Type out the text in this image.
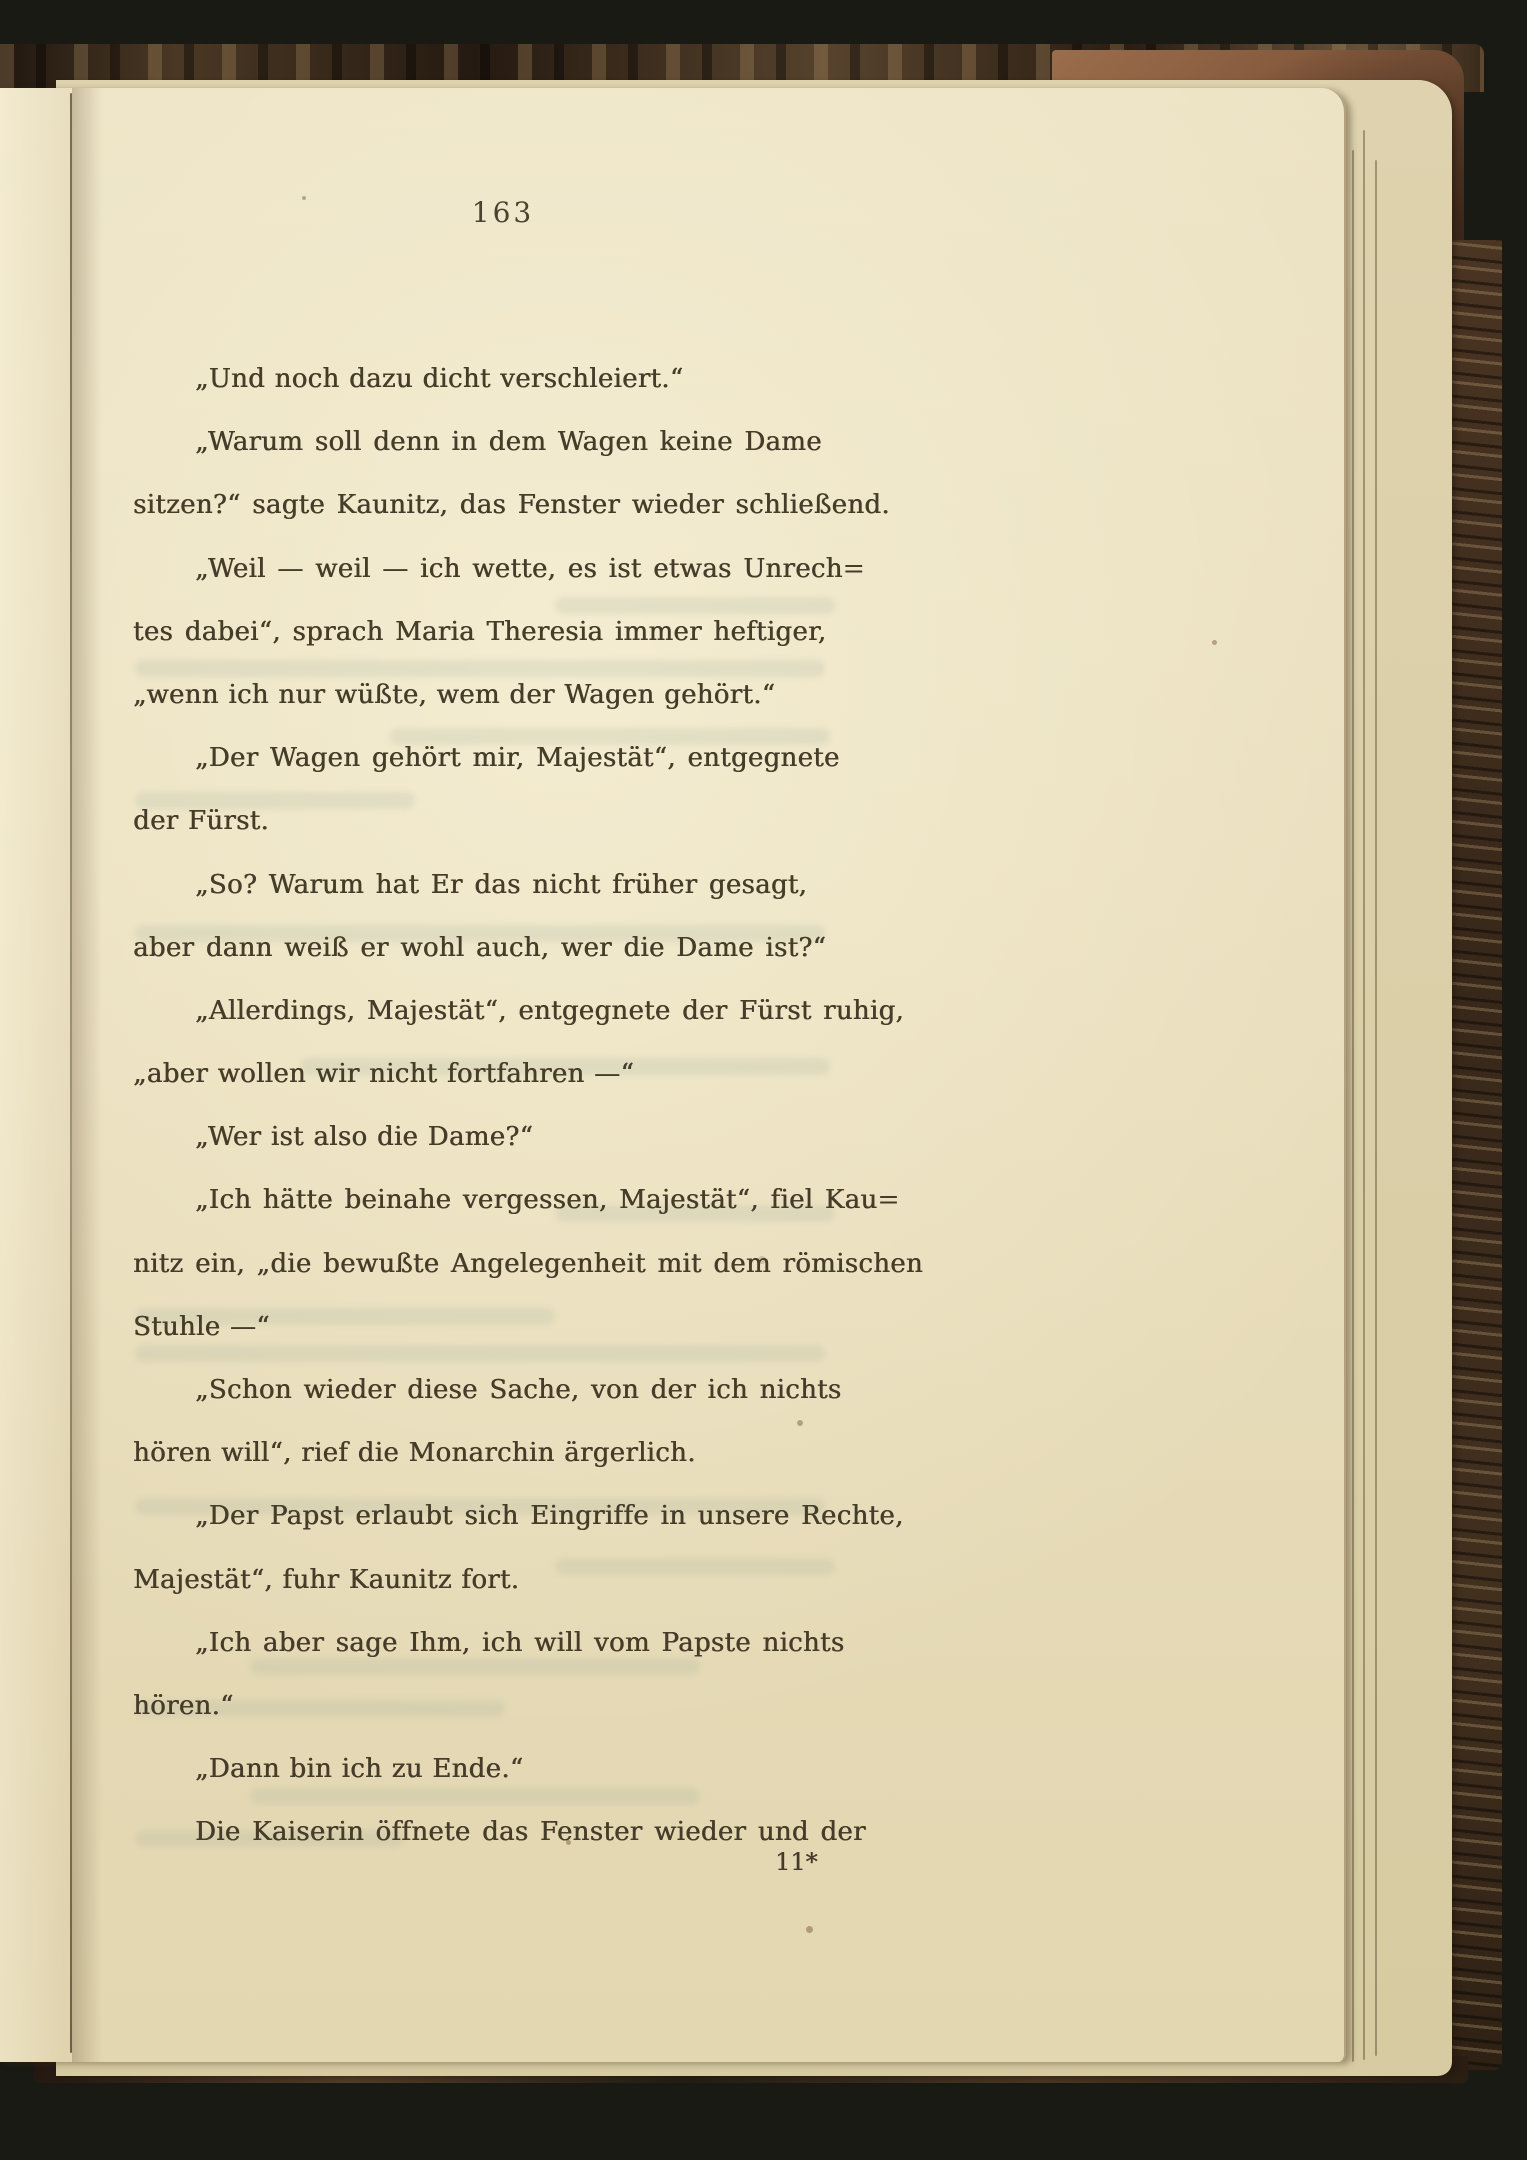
163
„Und noch dazu dicht verschleiert.“
„Warum soll denn in dem Wagen keine Dame
sitzen?“ sagte Kaunitz, das Fenster wieder schließend.
„Weil — weil — ich wette, es ist etwas Unrech=
tes dabei“, sprach Maria Theresia immer heftiger,
„wenn ich nur wüßte, wem der Wagen gehört.“
„Der Wagen gehört mir, Majestät“, entgegnete
der Fürst.
„So? Warum hat Er das nicht früher gesagt,
aber dann weiß er wohl auch, wer die Dame ist?“
„Allerdings, Majestät“, entgegnete der Fürst ruhig,
„aber wollen wir nicht fortfahren —“
„Wer ist also die Dame?“
„Ich hätte beinahe vergessen, Majestät“, fiel Kau=
nitz ein, „die bewußte Angelegenheit mit dem römischen
Stuhle —“
„Schon wieder diese Sache, von der ich nichts
hören will“, rief die Monarchin ärgerlich.
„Der Papst erlaubt sich Eingriffe in unsere Rechte,
Majestät“, fuhr Kaunitz fort.
„Ich aber sage Ihm, ich will vom Papste nichts
hören.“
„Dann bin ich zu Ende.“
Die Kaiserin öffnete das Fenster wieder und der
11*
